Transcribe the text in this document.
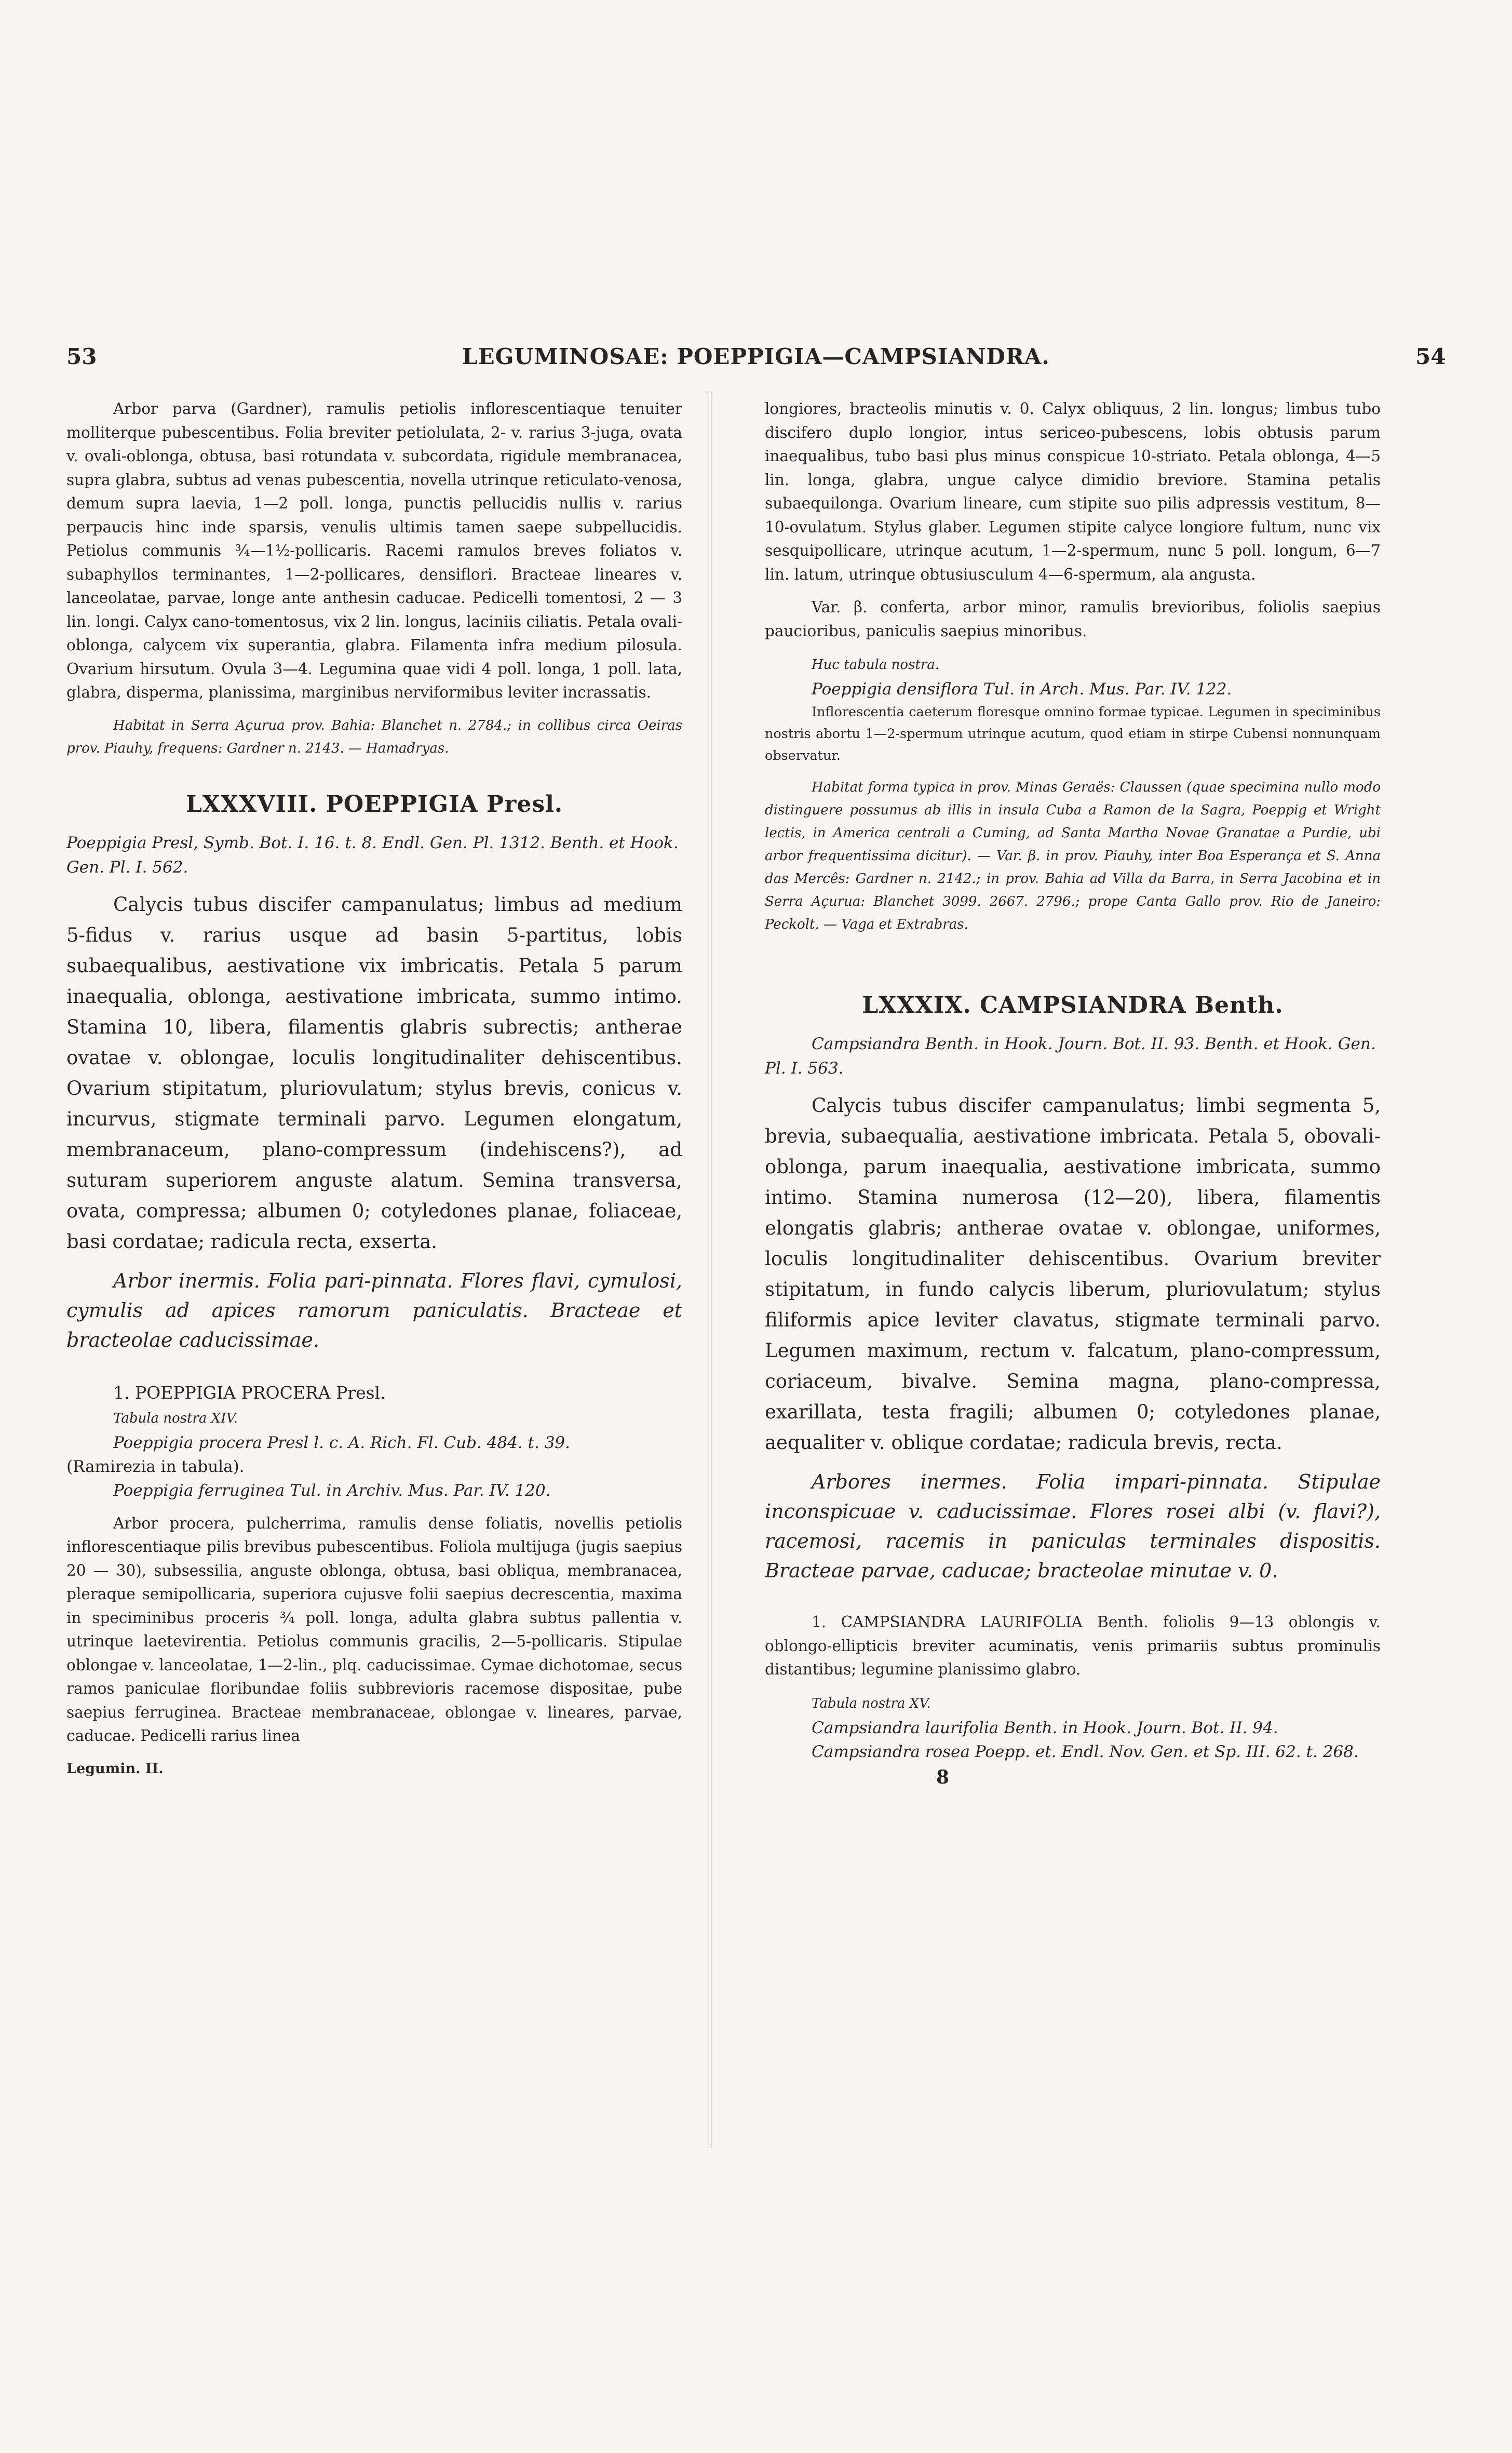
53	LEGUMINOSAE: POEPPIGIA—CAMPSIANDRA.	54

Arbor parva (Gardner), ramulis petiolis inflorescentiaque tenuiter molliterque pubescentibus. Folia breviter petiolulata, 2- v. rarius 3-juga, ovata v. ovali-oblonga, obtusa, basi rotundata v. subcordata, rigidule membranacea, supra glabra, subtus ad venas pubescentia, novella utrinque reticulato-venosa, demum supra laevia, 1—2 poll. longa, punctis pellucidis nullis v. rarius perpaucis hinc inde sparsis, venulis ultimis tamen saepe subpellucidis. Petiolus communis ¾—1½-pollicaris. Racemi ramulos breves foliatos v. subaphyllos terminantes, 1—2-pollicares, densiflori. Bracteae lineares v. lanceolatae, parvae, longe ante anthesin caducae. Pedicelli tomentosi, 2 — 3 lin. longi. Calyx cano-tomentosus, vix 2 lin. longus, laciniis ciliatis. Petala ovali-oblonga, calycem vix superantia, glabra. Filamenta infra medium pilosula. Ovarium hirsutum. Ovula 3—4. Legumina quae vidi 4 poll. longa, 1 poll. lata, glabra, disperma, planissima, marginibus nerviformibus leviter incrassatis.

Habitat in Serra Açurua prov. Bahia: Blanchet n. 2784.; in collibus circa Oeiras prov. Piauhy, frequens: Gardner n. 2143. — Hamadryas.

LXXXVIII. POEPPIGIA Presl.

Poeppigia Presl, Symb. Bot. I. 16. t. 8. Endl. Gen. Pl. 1312. Benth. et Hook. Gen. Pl. I. 562.

Calycis tubus discifer campanulatus; limbus ad medium 5-fidus v. rarius usque ad basin 5-partitus, lobis subaequalibus, aestivatione vix imbricatis. Petala 5 parum inaequalia, oblonga, aestivatione imbricata, summo intimo. Stamina 10, libera, filamentis glabris subrectis; antherae ovatae v. oblongae, loculis longitudinaliter dehiscentibus. Ovarium stipitatum, pluriovulatum; stylus brevis, conicus v. incurvus, stigmate terminali parvo. Legumen elongatum, membranaceum, plano-compressum (indehiscens?), ad suturam superiorem anguste alatum. Semina transversa, ovata, compressa; albumen 0; cotyledones planae, foliaceae, basi cordatae; radicula recta, exserta.

Arbor inermis. Folia pari-pinnata. Flores flavi, cymulosi, cymulis ad apices ramorum paniculatis. Bracteae et bracteolae caducissimae.

1. POEPPIGIA PROCERA Presl.

Tabula nostra XIV.

Poeppigia procera Presl l. c. A. Rich. Fl. Cub. 484. t. 39.

(Ramirezia in tabula).

Poeppigia ferruginea Tul. in Archiv. Mus. Par. IV. 120.

Arbor procera, pulcherrima, ramulis dense foliatis, novellis petiolis inflorescentiaque pilis brevibus pubescentibus. Foliola multijuga (jugis saepius 20 — 30), subsessilia, anguste oblonga, obtusa, basi obliqua, membranacea, pleraque semipollicaria, superiora cujusve folii saepius decrescentia, maxima in speciminibus proceris ¾ poll. longa, adulta glabra subtus pallentia v. utrinque laetevirentia. Petiolus communis gracilis, 2—5-pollicaris. Stipulae oblongae v. lanceolatae, 1—2-lin., plq. caducissimae. Cymae dichotomae, secus ramos paniculae floribundae foliis subbrevioris racemose dispositae, pube saepius ferruginea. Bracteae membranaceae, oblongae v. lineares, parvae, caducae. Pedicelli rarius linea

Legumin. II.

longiores, bracteolis minutis v. 0. Calyx obliquus, 2 lin. longus; limbus tubo discifero duplo longior, intus sericeo-pubescens, lobis obtusis parum inaequalibus, tubo basi plus minus conspicue 10-striato. Petala oblonga, 4—5 lin. longa, glabra, ungue calyce dimidio breviore. Stamina petalis subaequilonga. Ovarium lineare, cum stipite suo pilis adpressis vestitum, 8—10-ovulatum. Stylus glaber. Legumen stipite calyce longiore fultum, nunc vix sesquipollicare, utrinque acutum, 1—2-spermum, nunc 5 poll. longum, 6—7 lin. latum, utrinque obtusiusculum 4—6-spermum, ala angusta.

Var. β. conferta, arbor minor, ramulis brevioribus, foliolis saepius paucioribus, paniculis saepius minoribus.

Huc tabula nostra.

Poeppigia densiflora Tul. in Arch. Mus. Par. IV. 122.

Inflorescentia caeterum floresque omnino formae typicae. Legumen in speciminibus nostris abortu 1—2-spermum utrinque acutum, quod etiam in stirpe Cubensi nonnunquam observatur.

Habitat forma typica in prov. Minas Geraës: Claussen (quae specimina nullo modo distinguere possumus ab illis in insula Cuba a Ramon de la Sagra, Poeppig et Wright lectis, in America centrali a Cuming, ad Santa Martha Novae Granatae a Purdie, ubi arbor frequentissima dicitur). — Var. β. in prov. Piauhy, inter Boa Esperança et S. Anna das Mercês: Gardner n. 2142.; in prov. Bahia ad Villa da Barra, in Serra Jacobina et in Serra Açurua: Blanchet 3099. 2667. 2796.; prope Canta Gallo prov. Rio de Janeiro: Peckolt. — Vaga et Extrabras.

LXXXIX. CAMPSIANDRA Benth.

Campsiandra Benth. in Hook. Journ. Bot. II. 93. Benth. et Hook. Gen. Pl. I. 563.

Calycis tubus discifer campanulatus; limbi segmenta 5, brevia, subaequalia, aestivatione imbricata. Petala 5, obovali-oblonga, parum inaequalia, aestivatione imbricata, summo intimo. Stamina numerosa (12—20), libera, filamentis elongatis glabris; antherae ovatae v. oblongae, uniformes, loculis longitudinaliter dehiscentibus. Ovarium breviter stipitatum, in fundo calycis liberum, pluriovulatum; stylus filiformis apice leviter clavatus, stigmate terminali parvo. Legumen maximum, rectum v. falcatum, plano-compressum, coriaceum, bivalve. Semina magna, plano-compressa, exarillata, testa fragili; albumen 0; cotyledones planae, aequaliter v. oblique cordatae; radicula brevis, recta.

Arbores inermes. Folia impari-pinnata. Stipulae inconspicuae v. caducissimae. Flores rosei albi (v. flavi?), racemosi, racemis in paniculas terminales dispositis. Bracteae parvae, caducae; bracteolae minutae v. 0.

1. CAMPSIANDRA LAURIFOLIA Benth. foliolis 9—13 oblongis v. oblongo-ellipticis breviter acuminatis, venis primariis subtus prominulis distantibus; legumine planissimo glabro.

Tabula nostra XV.

Campsiandra laurifolia Benth. in Hook. Journ. Bot. II. 94.

Campsiandra rosea Poepp. et. Endl. Nov. Gen. et Sp. III. 62. t. 268.

8
